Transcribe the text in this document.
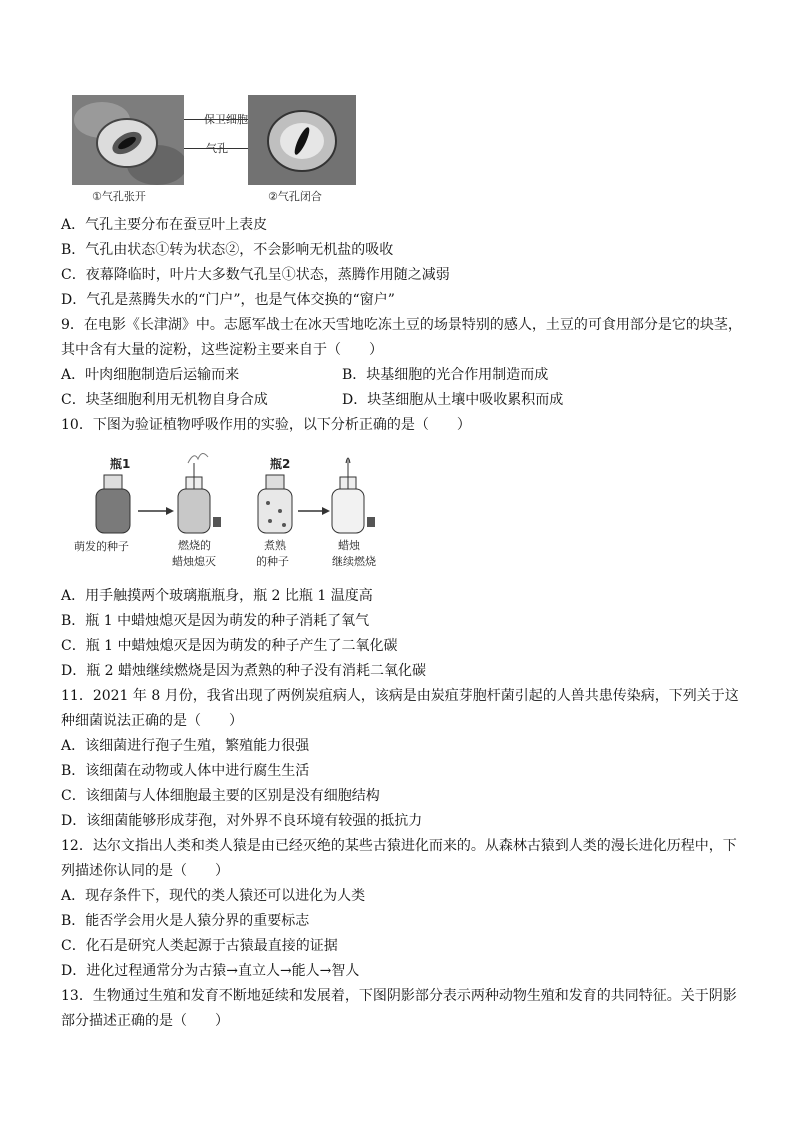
保卫细胞
气孔
①气孔张开	②气孔闭合
A．气孔主要分布在蚕豆叶上表皮
B．气孔由状态①转为状态②，不会影响无机盐的吸收
C．夜幕降临时，叶片大多数气孔呈①状态，蒸腾作用随之减弱
D．气孔是蒸腾失水的“门户”，也是气体交换的“窗户”
9．在电影《长津湖》中。志愿军战士在冰天雪地吃冻土豆的场景特别的感人，土豆的可食用部分是它的块茎，
其中含有大量的淀粉，这些淀粉主要来自于（　　）
A．叶肉细胞制造后运输而来	B．块基细胞的光合作用制造而成
C．块茎细胞利用无机物自身合成	D．块茎细胞从土壤中吸收累积而成
10．下图为验证植物呼吸作用的实验，以下分析正确的是（　　）
瓶1	瓶2
萌发的种子	燃烧的
蜡烛熄灭
煮熟
的种子
蜡烛
继续燃烧
A．用手触摸两个玻璃瓶瓶身，瓶 2 比瓶 1 温度高
B．瓶 1 中蜡烛熄灭是因为萌发的种子消耗了氧气
C．瓶 1 中蜡烛熄灭是因为萌发的种子产生了二氧化碳
D．瓶 2 蜡烛继续燃烧是因为煮熟的种子没有消耗二氧化碳
11．2021 年 8 月份，我省出现了两例炭疽病人，该病是由炭疽芽胞杆菌引起的人兽共患传染病，下列关于这
种细菌说法正确的是（　　）
A．该细菌进行孢子生殖，繁殖能力很强
B．该细菌在动物或人体中进行腐生生活
C．该细菌与人体细胞最主要的区别是没有细胞结构
D．该细菌能够形成芽孢，对外界不良环境有较强的抵抗力
12．达尔文指出人类和类人猿是由已经灭绝的某些古猿进化而来的。从森林古猿到人类的漫长进化历程中，下
列描述你认同的是（　　）
A．现存条件下，现代的类人猿还可以进化为人类
B．能否学会用火是人猿分界的重要标志
C．化石是研究人类起源于古猿最直接的证据
D．进化过程通常分为古猿→直立人→能人→智人
13．生物通过生殖和发育不断地延续和发展着，下图阴影部分表示两种动物生殖和发育的共同特征。关于阴影
部分描述正确的是（　　）
